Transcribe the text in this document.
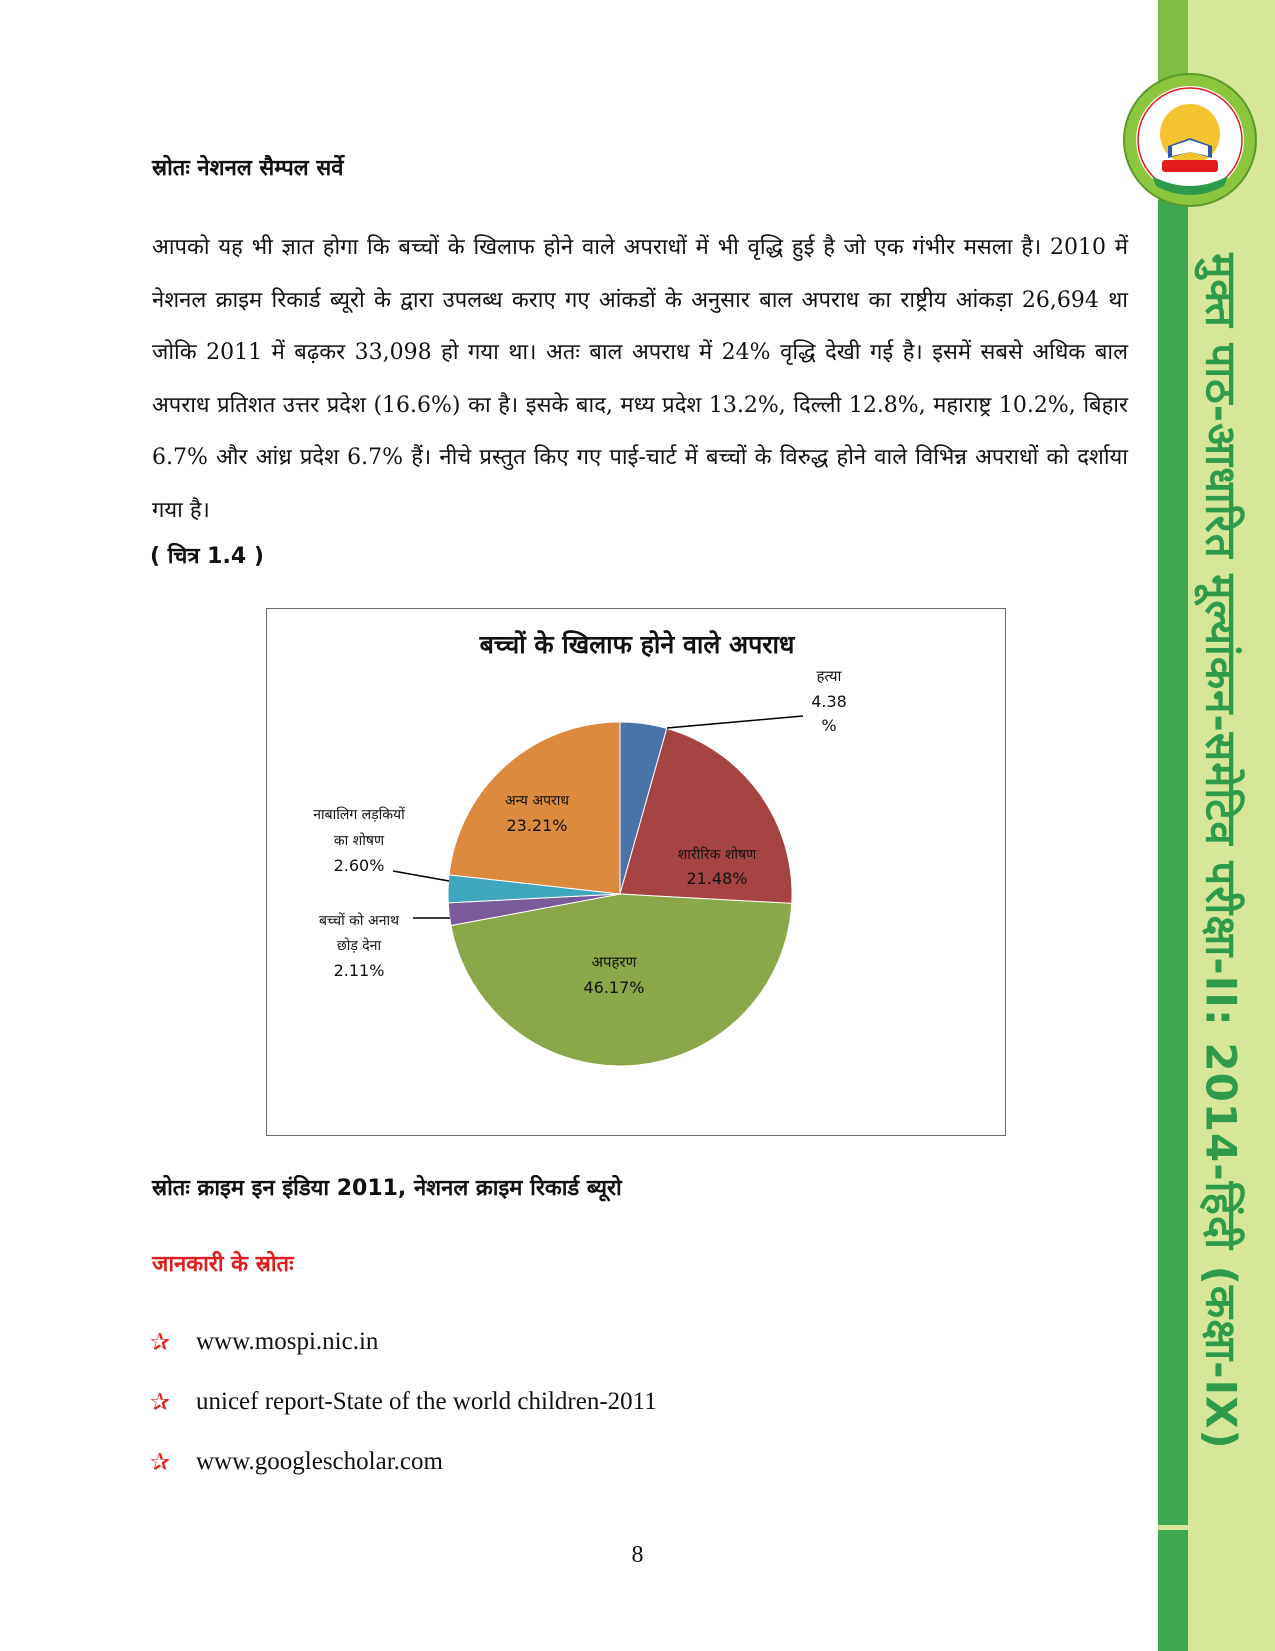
मुक्त पाठ-आधारित मूल्यांकन-समेटिव परीक्षा-II: 2014-हिंदी (कक्षा-IX)
स्रोतः नेशनल सैम्पल सर्वे
आपको यह भी ज्ञात होगा कि बच्चों के खिलाफ होने वाले अपराधों में भी वृद्धि हुई है जो एक गंभीर मसला है। 2010 में नेशनल क्राइम रिकार्ड ब्यूरो के द्वारा उपलब्ध कराए गए आंकडों के अनुसार बाल अपराध का राष्ट्रीय आंकड़ा 26,694 था जोकि 2011 में बढ़कर 33,098 हो गया था। अतः बाल अपराध में 24% वृद्धि देखी गई है। इसमें सबसे अधिक बाल अपराध प्रतिशत उत्तर प्रदेश (16.6%) का है। इसके बाद, मध्य प्रदेश 13.2%, दिल्ली 12.8%, महाराष्ट्र 10.2%, बिहार 6.7% और आंध्र प्रदेश 6.7% हैं। नीचे प्रस्तुत किए गए पाई-चार्ट में बच्चों के विरुद्ध होने वाले विभिन्न अपराधों को दर्शाया गया है।
( चित्र 1.4 )
बच्चों के खिलाफ होने वाले अपराध
हत्या
4.38
%
शारीरिक शोषण
21.48%
अपहरण
46.17%
बच्चों को अनाथ
छोड़ देना
2.11%
नाबालिग लड़कियों
का शोषण
2.60%
अन्य अपराध
23.21%
स्रोतः क्राइम इन इंडिया 2011, नेशनल क्राइम रिकार्ड ब्यूरो
जानकारी के स्रोतः
✰	www.mospi.nic.in
✰	unicef report-State of the world children-2011
✰	www.googlescholar.com
8
